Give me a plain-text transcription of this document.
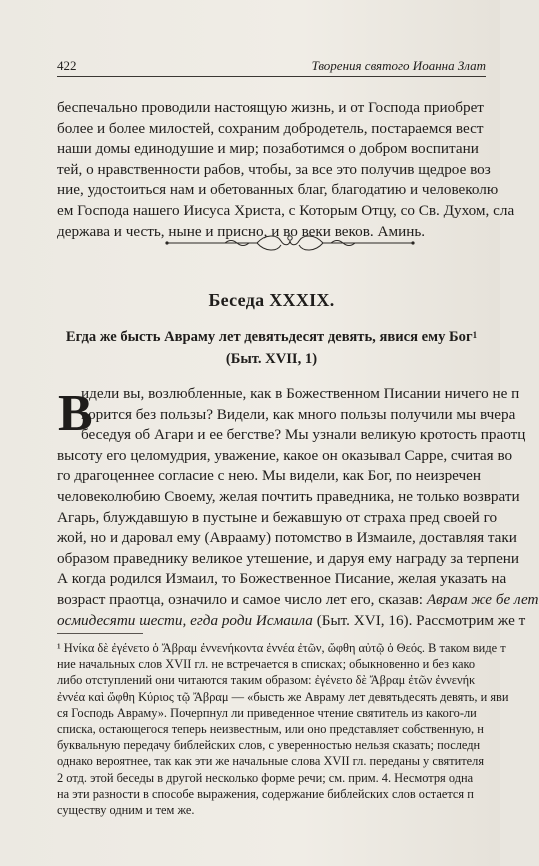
422	Творения святого Иоанна Злат
беспечально проводили настоящую жизнь, и от Господа приобрет
более и более милостей, сохраним добродетель, постараемся вест
наши домы единодушие и мир; позаботимся о добром воспитани
тей, о нравственности рабов, чтобы, за все это получив щедрое воз
ние, удостоиться нам и обетованных благ, благодатию и человеколю
ем Господа нашего Иисуса Христа, с Которым Отцу, со Св. Духом, сла
держава и честь, ныне и присно, и во веки веков. Аминь.
Беседа XXXIX.
Егда же бысть Авраму лет девятьдесят девять, явися ему Бог$^1$
(Быт. XVII, 1)
В
идели вы, возлюбленные, как в Божественном Писании ничего не п
ворится без пользы? Видели, как много пользы получили мы вчера
беседуя об Агари и ее бегстве? Мы узнали великую кротость праотц
высоту его целомудрия, уважение, какое он оказывал Сарре, считая во
го драгоценнее согласие с нею. Мы видели, как Бог, по неизречен
человеколюбию Своему, желая почтить праведника, не только возврати
Агарь, блуждавшую в пустыне и бежавшую от страха пред своей го
жой, но и даровал ему (Аврааму) потомство в Измаиле, доставляя таки
образом праведнику великое утешение, и даруя ему награду за терпени
А когда родился Измаил, то Божественное Писание, желая указать на
возраст праотца, означило и самое число лет его, сказав: Аврам же бе лет
осмидесяти шести, егда роди Исмаила (Быт. XVI, 16). Рассмотрим же т
¹ Ηνίκα δὲ ἐγένετο ὁ Ἄβραμ ἐννενήκοντα ἐννέα ἐτῶν, ὤφθη αὐτῷ ὁ Θεός. В таком виде т
ние начальных слов XVII гл. не встречается в списках; обыкновенно и без како
либо отступлений они читаются таким образом: ἐγένετο δὲ Ἄβραμ ἐτῶν ἐννενήκ
ἐννέα καὶ ὤφθη Κύριος τῷ Ἄβραμ — «бысть же Авраму лет девятьдесять девять, и яви
ся Господь Авраму». Почерпнул ли приведенное чтение святитель из какого-ли
списка, остающегося теперь неизвестным, или оно представляет собственную, н
буквальную передачу библейских слов, с уверенностью нельзя сказать; последн
однако вероятнее, так как эти же начальные слова XVII гл. переданы у святителя
2 отд. этой беседы в другой несколько форме речи; см. прим. 4. Несмотря одна
на эти разности в способе выражения, содержание библейских слов остается п
существу одним и тем же.
